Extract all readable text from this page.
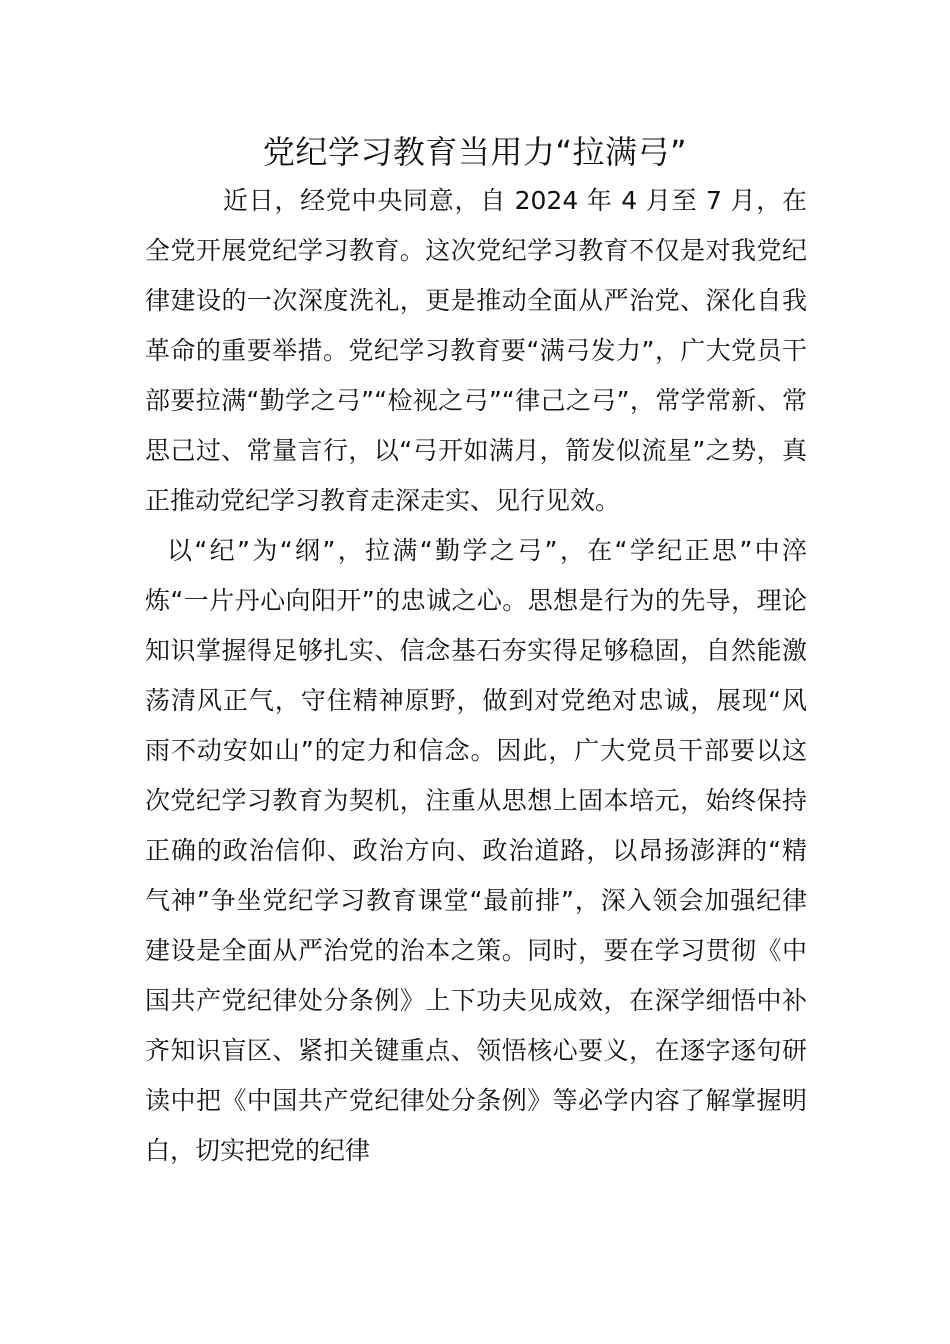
党纪学习教育当用力“拉满弓”

近日，经党中央同意，自 2024 年 4 月至 7 月，在全党开展党纪学习教育。这次党纪学习教育不仅是对我党纪律建设的一次深度洗礼，更是推动全面从严治党、深化自我革命的重要举措。党纪学习教育要“满弓发力”，广大党员干部要拉满“勤学之弓”“检视之弓”“律己之弓”，常学常新、常思己过、常量言行，以“弓开如满月，箭发似流星”之势，真正推动党纪学习教育走深走实、见行见效。

以“纪”为“纲”，拉满“勤学之弓”，在“学纪正思”中淬炼“一片丹心向阳开”的忠诚之心。思想是行为的先导，理论知识掌握得足够扎实、信念基石夯实得足够稳固，自然能激荡清风正气，守住精神原野，做到对党绝对忠诚，展现“风雨不动安如山”的定力和信念。因此，广大党员干部要以这次党纪学习教育为契机，注重从思想上固本培元，始终保持正确的政治信仰、政治方向、政治道路，以昂扬澎湃的“精气神”争坐党纪学习教育课堂“最前排”，深入领会加强纪律建设是全面从严治党的治本之策。同时，要在学习贯彻《中国共产党纪律处分条例》上下功夫见成效，在深学细悟中补齐知识盲区、紧扣关键重点、领悟核心要义，在逐字逐句研读中把《中国共产党纪律处分条例》等必学内容了解掌握明白，切实把党的纪律
